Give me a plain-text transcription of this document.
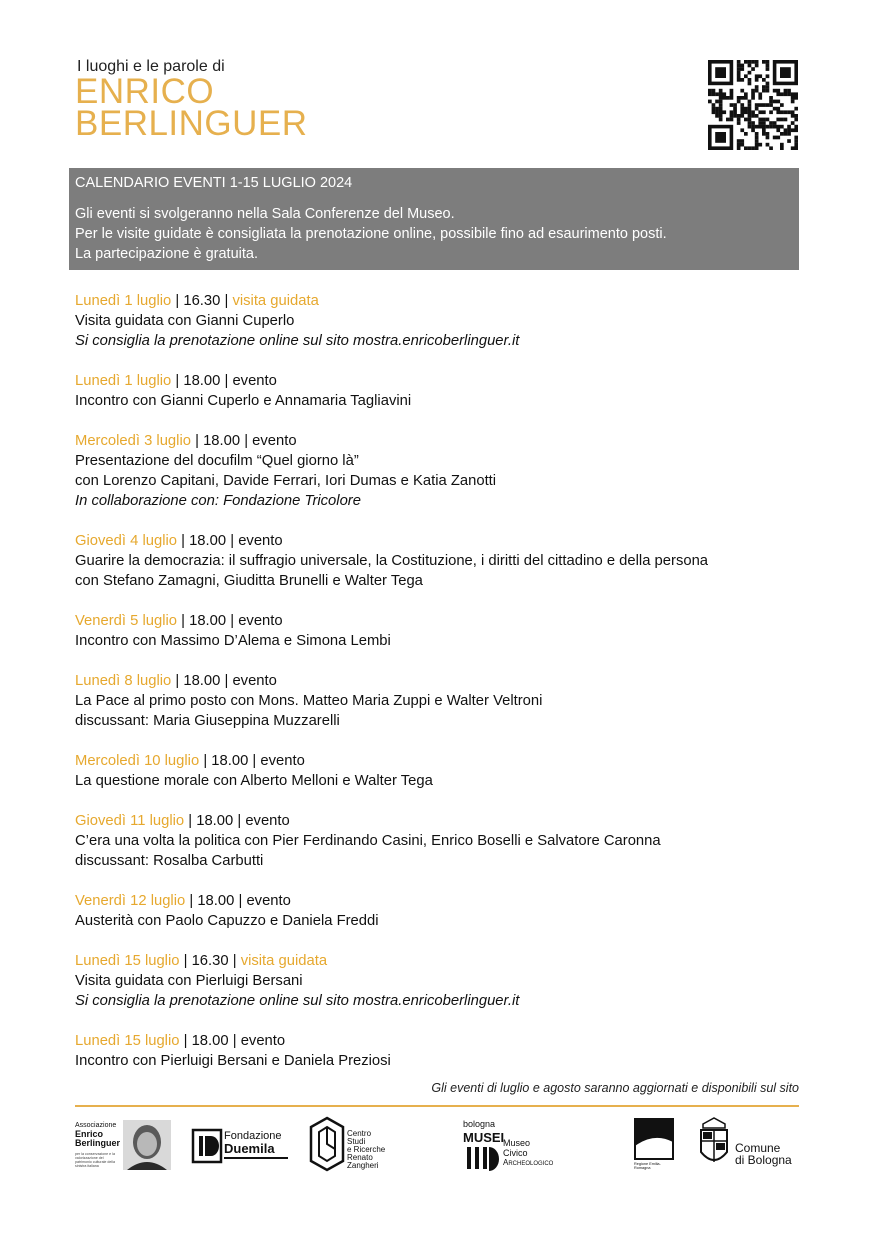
I luoghi e le parole di
ENRICO
BERLINGUER
CALENDARIO EVENTI 1-15 LUGLIO 2024
Gli eventi si svolgeranno nella Sala Conferenze del Museo.
Per le visite guidate è consigliata la prenotazione online, possibile fino ad esaurimento posti.
La partecipazione è gratuita.
Lunedì 1 luglio | 16.30 | visita guidata
Visita guidata con Gianni Cuperlo
Si consiglia la prenotazione online sul sito mostra.enricoberlinguer.it
Lunedì 1 luglio | 18.00 | evento
Incontro con Gianni Cuperlo e Annamaria Tagliavini
Mercoledì 3 luglio | 18.00 | evento
Presentazione del docufilm “Quel giorno là”
con Lorenzo Capitani, Davide Ferrari, Iori Dumas e Katia Zanotti
In collaborazione con: Fondazione Tricolore
Giovedì 4 luglio | 18.00 | evento
Guarire la democrazia: il suffragio universale, la Costituzione, i diritti del cittadino e della persona
con Stefano Zamagni, Giuditta Brunelli e Walter Tega
Venerdì 5 luglio | 18.00 | evento
Incontro con Massimo D’Alema e Simona Lembi
Lunedì 8 luglio | 18.00 | evento
La Pace al primo posto con Mons. Matteo Maria Zuppi e Walter Veltroni
discussant: Maria Giuseppina Muzzarelli
Mercoledì 10 luglio | 18.00 | evento
La questione morale con Alberto Melloni e Walter Tega
Giovedì 11 luglio | 18.00 | evento
C’era una volta la politica con Pier Ferdinando Casini, Enrico Boselli e Salvatore Caronna
discussant: Rosalba Carbutti
Venerdì 12 luglio | 18.00 | evento
Austerità con Paolo Capuzzo e Daniela Freddi
Lunedì 15 luglio | 16.30 | visita guidata
Visita guidata con Pierluigi Bersani
Si consiglia la prenotazione online sul sito mostra.enricoberlinguer.it
Lunedì 15 luglio | 18.00 | evento
Incontro con Pierluigi Bersani e Daniela Preziosi
Gli eventi di luglio e agosto saranno aggiornati e disponibili sul sito
Associazione
Enrico
Berlinguer
per la conservazione e la valorizzazione del patrimonio culturale della sinistra italiana
Fondazione
Duemila
Centro
Studi
e Ricerche
Renato
Zangheri
bologna
MUSEI
Museo
Civico
Archeologico	Regione Emilia-Romagna
Comune
di Bologna
